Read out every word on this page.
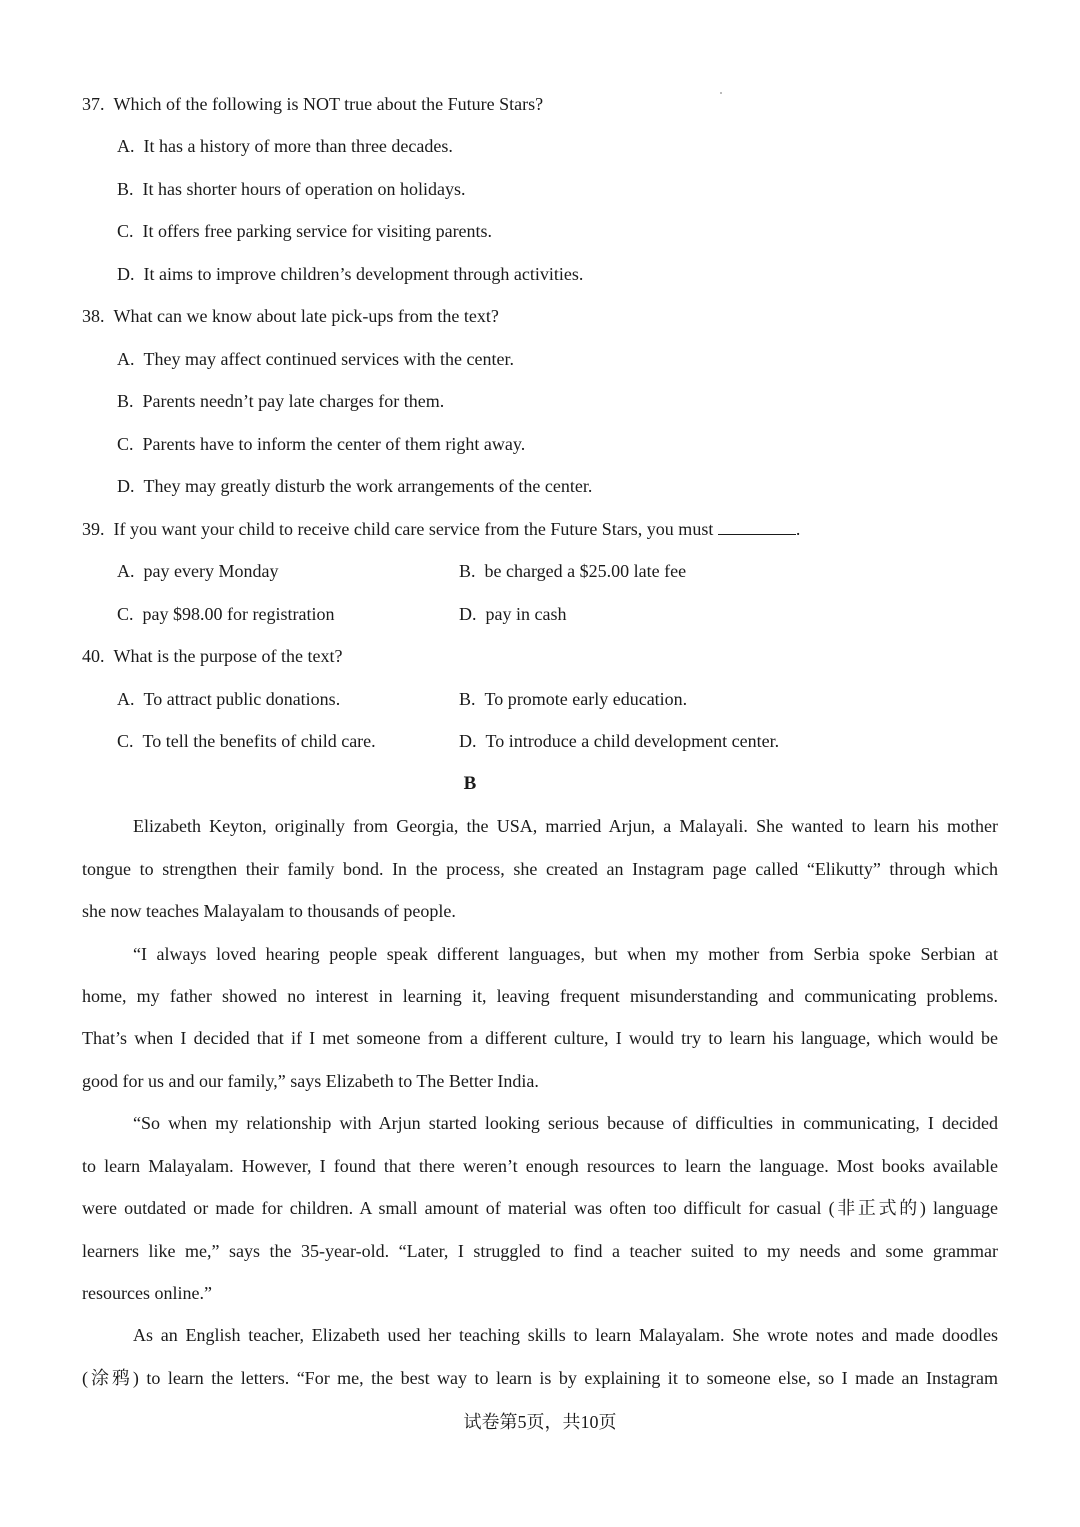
37. Which of the following is NOT true about the Future Stars?
A. It has a history of more than three decades.
B. It has shorter hours of operation on holidays.
C. It offers free parking service for visiting parents.
D. It aims to improve children’s development through activities.
38. What can we know about late pick-ups from the text?
A. They may affect continued services with the center.
B. Parents needn’t pay late charges for them.
C. Parents have to inform the center of them right away.
D. They may greatly disturb the work arrangements of the center.
39. If you want your child to receive child care service from the Future Stars, you must	.
A. pay every Monday	B. be charged a $25.00 late fee
C. pay $98.00 for registration	D. pay in cash
40. What is the purpose of the text?
A. To attract public donations.	B. To promote early education.
C. To tell the benefits of child care.	D. To introduce a child development center.
B
Elizabeth Keyton, originally from Georgia, the USA, married Arjun, a Malayali. She wanted to learn his mother
tongue to strengthen their family bond. In the process, she created an Instagram page called “Elikutty” through which
she now teaches Malayalam to thousands of people.
“I always loved hearing people speak different languages, but when my mother from Serbia spoke Serbian at
home, my father showed no interest in learning it, leaving frequent misunderstanding and communicating problems.
That’s when I decided that if I met someone from a different culture, I would try to learn his language, which would be
good for us and our family,” says Elizabeth to The Better India.
“So when my relationship with Arjun started looking serious because of difficulties in communicating, I decided
to learn Malayalam. However, I found that there weren’t enough resources to learn the language. Most books available
were outdated or made for children. A small amount of material was often too difficult for casual (非正式的) language
learners like me,” says the 35-year-old. “Later, I struggled to find a teacher suited to my needs and some grammar
resources online.”
As an English teacher, Elizabeth used her teaching skills to learn Malayalam. She wrote notes and made doodles
(涂鸦) to learn the letters. “For me, the best way to learn is by explaining it to someone else, so I made an Instagram
试卷第5页，共10页
